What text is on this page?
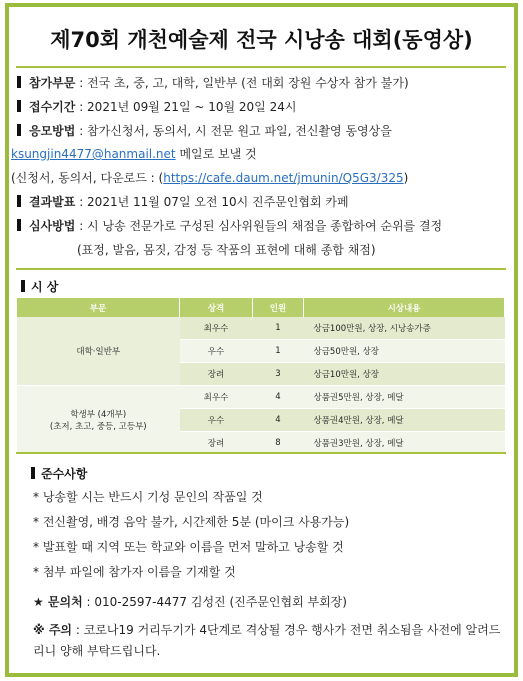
제70회 개천예술제 전국 시낭송 대회(동영상)
참가부문 : 전국 초, 중, 고, 대학, 일반부 (전 대회 장원 수상자 참가 불가)
접수기간 : 2021년 09월 21일 ~ 10월 20일 24시
응모방법 : 참가신청서, 동의서, 시 전문 원고 파일, 전신촬영 동영상을
ksungjin4477@hanmail.net 메일로 보낼 것
(신청서, 동의서, 다운로드 : (https://cafe.daum.net/jmunin/Q5G3/325)
결과발표 : 2021년 11월 07일 오전 10시 진주문인협회 카페
심사방법 : 시 낭송 전문가로 구성된 심사위원들의 채점을 종합하여 순위를 결정
(표정, 발음, 몸짓, 감정 등 작품의 표현에 대해 종합 채점)
시 상
부문	상격	인원	시상내용
대학·일반부	최우수	1	상금100만원, 상장, 시낭송가증
	우수	1	상금50만원, 상장
	장려	3	상금10만원, 상장

학생부 (4개부)
(초저, 초고, 중등, 고등부)	최우수	4	상품권5만원, 상장, 메달
	우수	4	상품권4만원, 상장, 메달
	장려	8	상품권3만원, 상장, 메달
준수사항
* 낭송할 시는 반드시 기성 문인의 작품일 것
* 전신촬영, 배경 음악 불가, 시간제한 5분 (마이크 사용가능)
* 발표할 때 지역 또는 학교와 이름을 먼저 말하고 낭송할 것
* 첨부 파일에 참가자 이름을 기재할 것
★ 문의처 : 010-2597-4477 김성진 (진주문인협회 부회장)
※ 주의 : 코로나19 거리두기가 4단계로 격상될 경우 행사가 전면 취소됨을 사전에 알려드리니 양해 부탁드립니다.
